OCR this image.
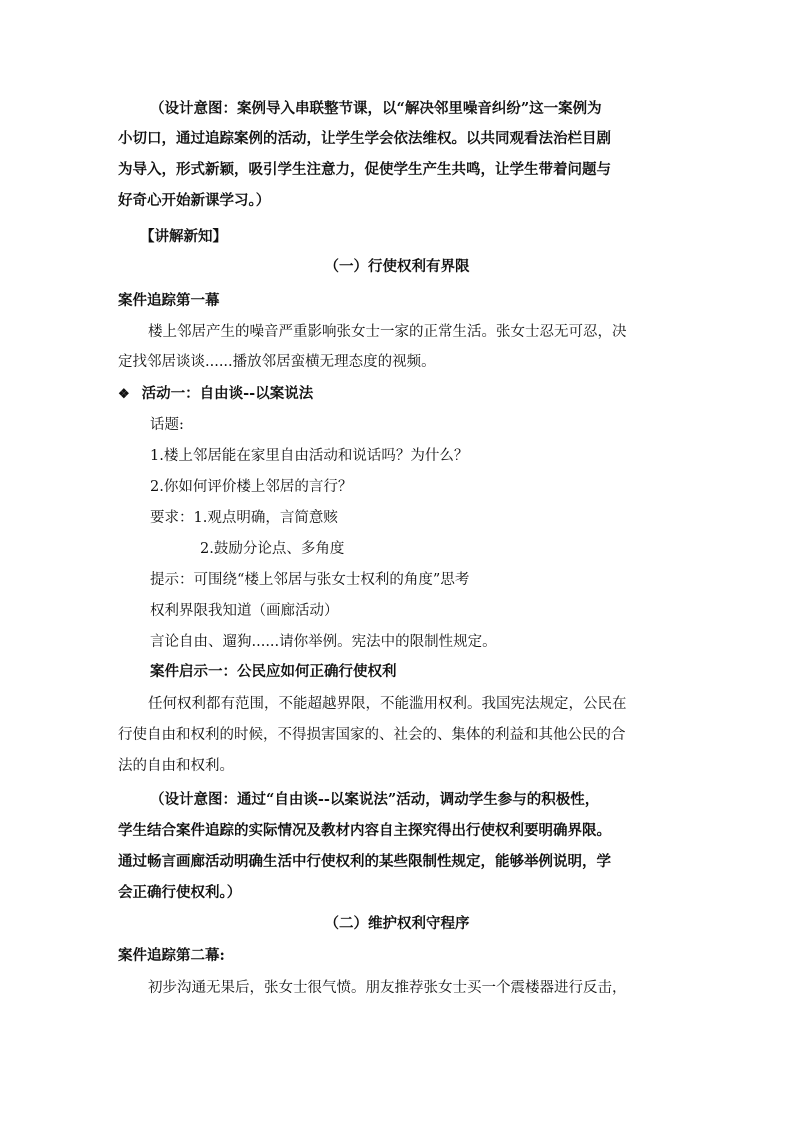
（设计意图：案例导入串联整节课，以“解决邻里噪音纠纷”这一案例为
小切口，通过追踪案例的活动，让学生学会依法维权。以共同观看法治栏目剧
为导入，形式新颖，吸引学生注意力，促使学生产生共鸣，让学生带着问题与
好奇心开始新课学习。）
【讲解新知】
（一）行使权利有界限
案件追踪第一幕
楼上邻居产生的噪音严重影响张女士一家的正常生活。张女士忍无可忍，决
定找邻居谈谈......播放邻居蛮横无理态度的视频。
❖ 活动一：自由谈--以案说法
话题:
1.楼上邻居能在家里自由活动和说话吗？为什么？
2.你如何评价楼上邻居的言行？
要求：1.观点明确，言简意赅
2.鼓励分论点、多角度
提示：可围绕“楼上邻居与张女士权利的角度”思考
权利界限我知道（画廊活动）
言论自由、遛狗......请你举例。宪法中的限制性规定。
案件启示一：公民应如何正确行使权利
任何权利都有范围，不能超越界限，不能滥用权利。我国宪法规定，公民在
行使自由和权利的时候，不得损害国家的、社会的、集体的利益和其他公民的合
法的自由和权利。
（设计意图：通过“自由谈--以案说法”活动，调动学生参与的积极性，
学生结合案件追踪的实际情况及教材内容自主探究得出行使权利要明确界限。
通过畅言画廊活动明确生活中行使权利的某些限制性规定，能够举例说明，学
会正确行使权利。）
（二）维护权利守程序
案件追踪第二幕:
初步沟通无果后，张女士很气愤。朋友推荐张女士买一个震楼器进行反击，
